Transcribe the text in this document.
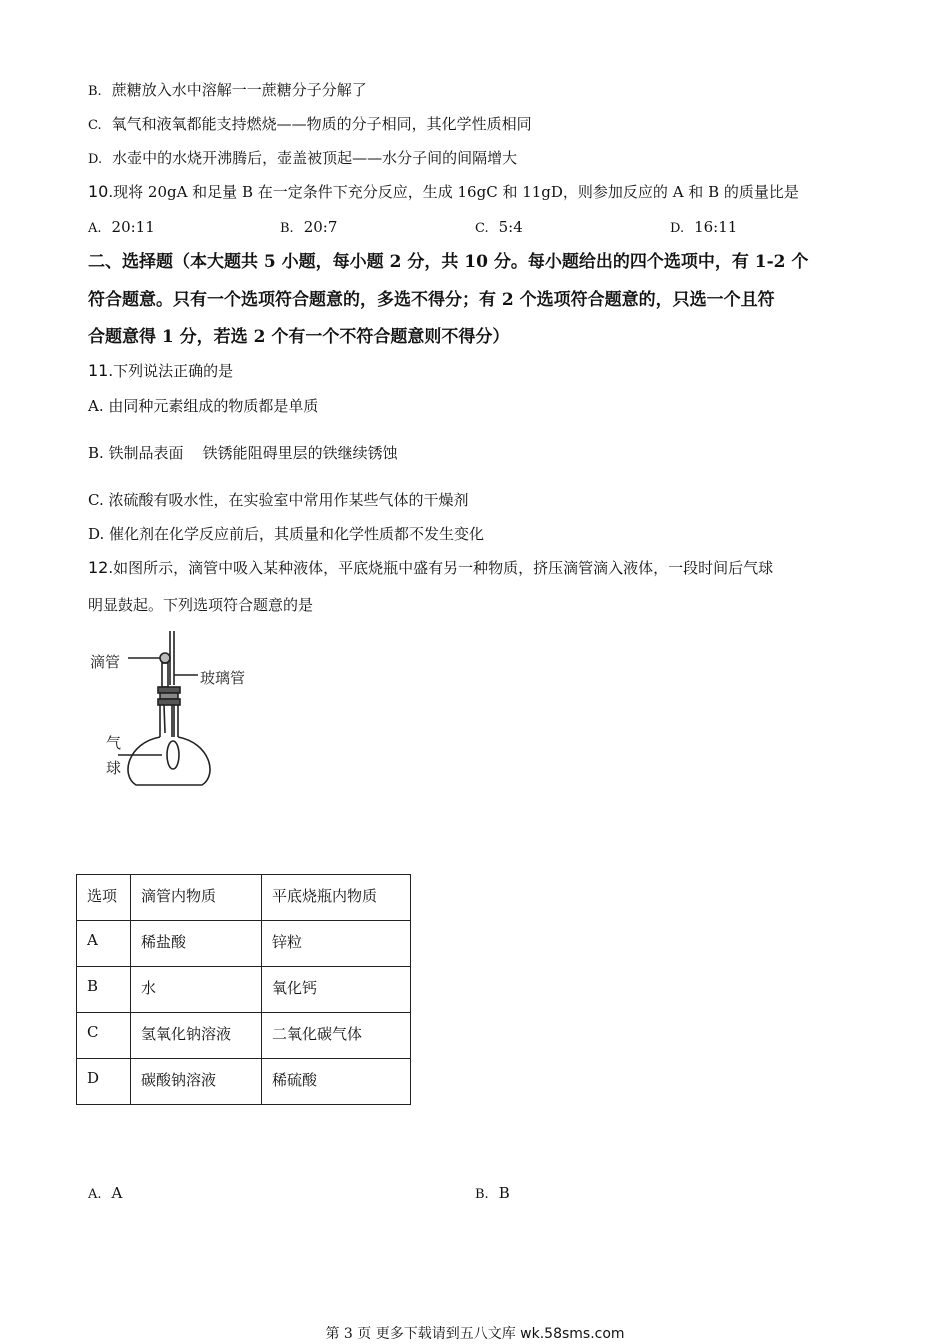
B. 蔗糖放入水中溶解一一蔗糖分子分解了
C. 氧气和液氧都能支持燃烧——物质的分子相同，其化学性质相同
D. 水壶中的水烧开沸腾后，壶盖被顶起——水分子间的间隔增大
10.现将 20gA 和足量 B 在一定条件下充分反应，生成 16gC 和 11gD，则参加反应的 A 和 B 的质量比是
A. 20:11	B. 20:7	C. 5:4	D. 16:11
二、选择题（本大题共 5 小题，每小题 2 分，共 10 分。每小题给出的四个选项中，有 1-2 个
符合题意。只有一个选项符合题意的，多选不得分；有 2 个选项符合题意的，只选一个且符
合题意得 1 分，若选 2 个有一个不符合题意则不得分）
11.下列说法正确的是
A. 由同种元素组成的物质都是单质
B. 铁制品表面    铁锈能阻碍里层的铁继续锈蚀
C. 浓硫酸有吸水性，在实验室中常用作某些气体的干燥剂
D. 催化剂在化学反应前后，其质量和化学性质都不发生变化
12.如图所示，滴管中吸入某种液体，平底烧瓶中盛有另一种物质，挤压滴管滴入液体，一段时间后气球
明显鼓起。下列选项符合题意的是
滴管
玻璃管
气
球
选项	滴管内物质	平底烧瓶内物质
A	稀盐酸	锌粒
B	水	氧化钙
C	氢氧化钠溶液	二氧化碳气体
D	碳酸钠溶液	稀硫酸
A. A	B. B
第 3 页 更多下载请到五八文库 wk.58sms.com
